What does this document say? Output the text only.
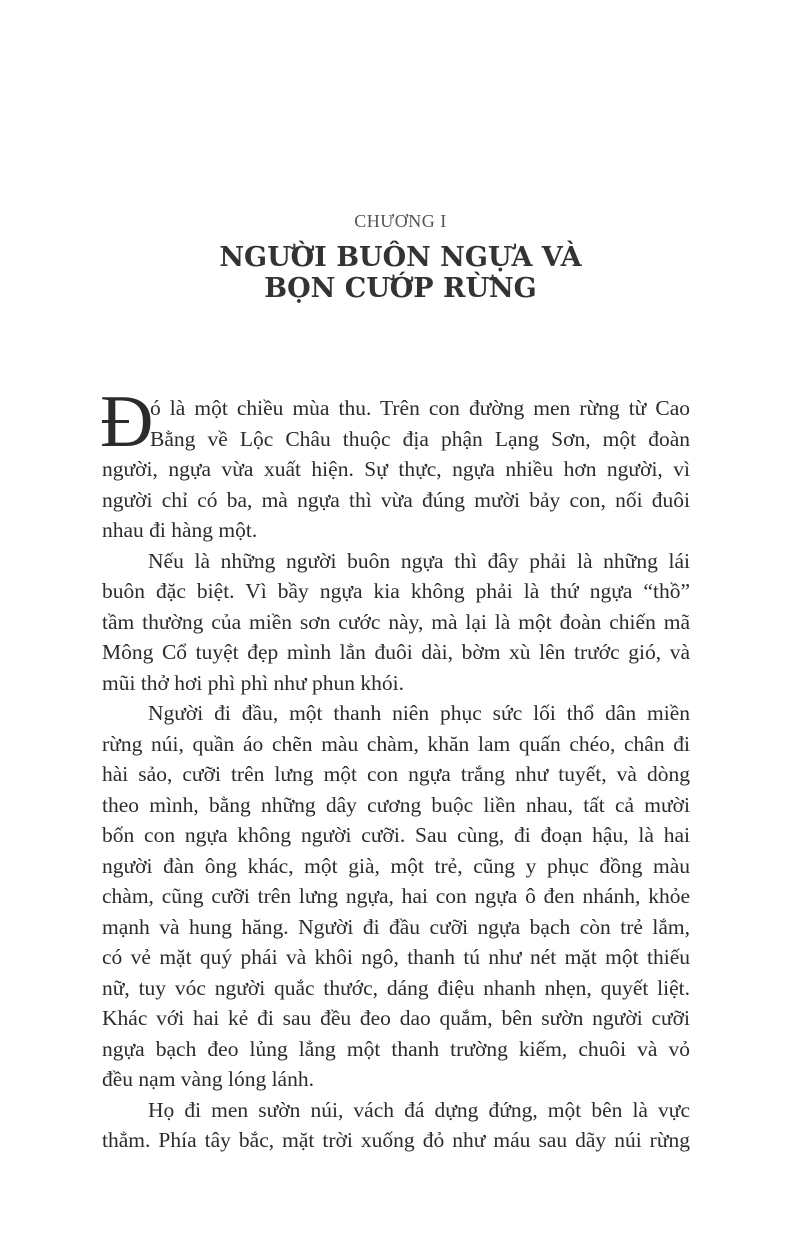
CHƯƠNG I
NGƯỜI BUÔN NGỰA VÀ
BỌN CƯỚP RỪNG
Đ
ó là một chiều mùa thu. Trên con đường men rừng từ Cao
Bằng về Lộc Châu thuộc địa phận Lạng Sơn, một đoàn
người, ngựa vừa xuất hiện. Sự thực, ngựa nhiều hơn người, vì
người chỉ có ba, mà ngựa thì vừa đúng mười bảy con, nối đuôi
nhau đi hàng một.
Nếu là những người buôn ngựa thì đây phải là những lái
buôn đặc biệt. Vì bầy ngựa kia không phải là thứ ngựa “thồ”
tầm thường của miền sơn cước này, mà lại là một đoàn chiến mã
Mông Cổ tuyệt đẹp mình lẳn đuôi dài, bờm xù lên trước gió, và
mũi thở hơi phì phì như phun khói.
Người đi đầu, một thanh niên phục sức lối thổ dân miền
rừng núi, quần áo chẽn màu chàm, khăn lam quấn chéo, chân đi
hài sảo, cưỡi trên lưng một con ngựa trắng như tuyết, và dòng
theo mình, bằng những dây cương buộc liền nhau, tất cả mười
bốn con ngựa không người cưỡi. Sau cùng, đi đoạn hậu, là hai
người đàn ông khác, một già, một trẻ, cũng y phục đồng màu
chàm, cũng cưỡi trên lưng ngựa, hai con ngựa ô đen nhánh, khỏe
mạnh và hung hăng. Người đi đầu cưỡi ngựa bạch còn trẻ lắm,
có vẻ mặt quý phái và khôi ngô, thanh tú như nét mặt một thiếu
nữ, tuy vóc người quắc thước, dáng điệu nhanh nhẹn, quyết liệt.
Khác với hai kẻ đi sau đều đeo dao quắm, bên sườn người cưỡi
ngựa bạch đeo lủng lẳng một thanh trường kiếm, chuôi và vỏ
đều nạm vàng lóng lánh.
Họ đi men sườn núi, vách đá dựng đứng, một bên là vực
thẳm. Phía tây bắc, mặt trời xuống đỏ như máu sau dãy núi rừng
